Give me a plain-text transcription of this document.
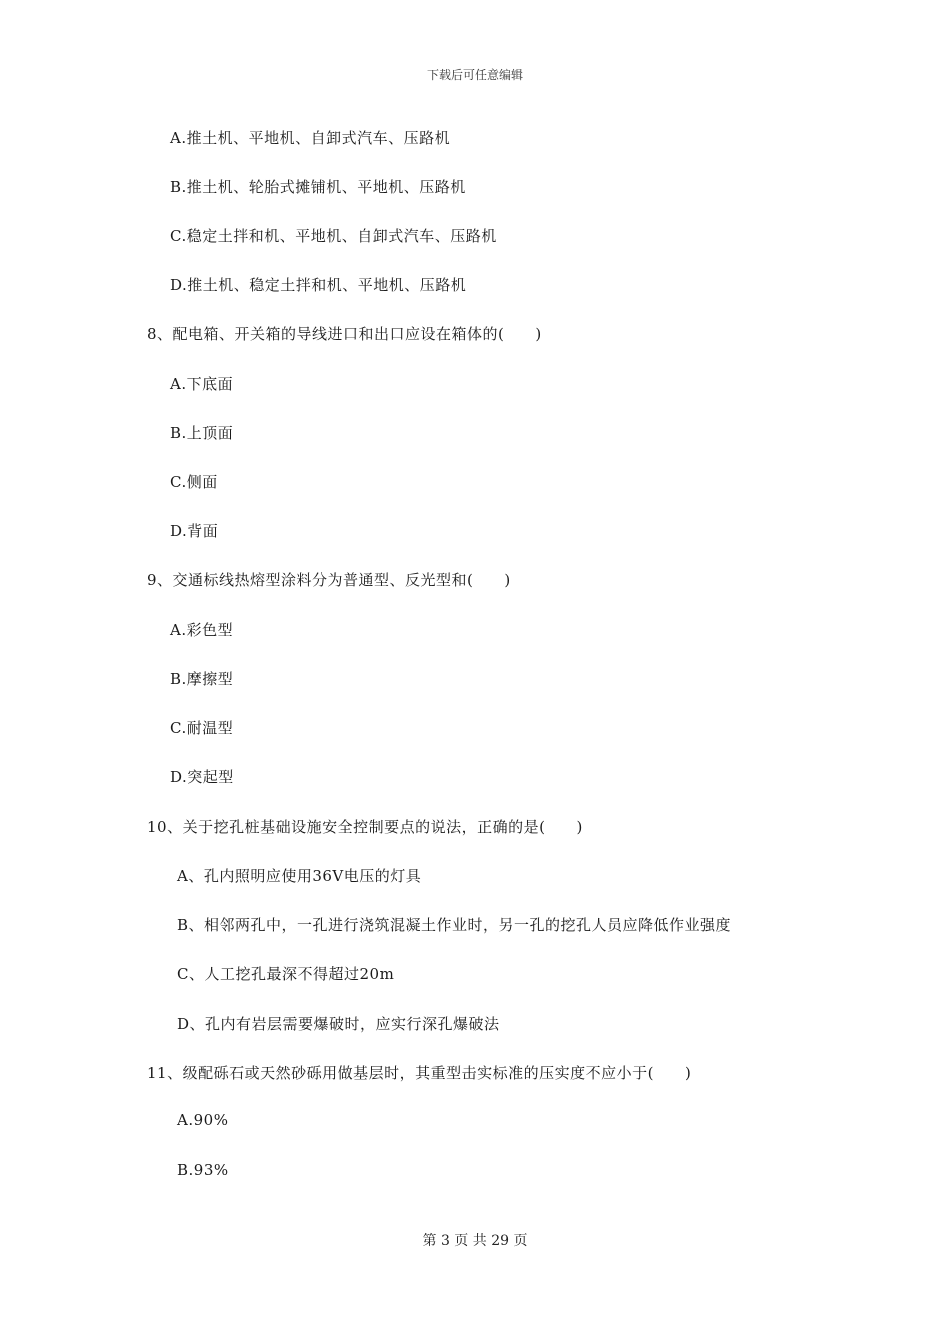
下载后可任意编辑
A.推土机、平地机、自卸式汽车、压路机
B.推土机、轮胎式摊铺机、平地机、压路机
C.稳定土拌和机、平地机、自卸式汽车、压路机
D.推土机、稳定土拌和机、平地机、压路机
8、配电箱、开关箱的导线进口和出口应设在箱体的(　　)
A.下底面
B.上顶面
C.侧面
D.背面
9、交通标线热熔型涂料分为普通型、反光型和(　　)
A.彩色型
B.摩擦型
C.耐温型
D.突起型
10、关于挖孔桩基础设施安全控制要点的说法，正确的是(　　)
A、孔内照明应使用36V电压的灯具
B、相邻两孔中，一孔进行浇筑混凝土作业时，另一孔的挖孔人员应降低作业强度
C、人工挖孔最深不得超过20m
D、孔内有岩层需要爆破时，应实行深孔爆破法
11、级配砾石或天然砂砾用做基层时，其重型击实标准的压实度不应小于(　　)
A.90%
B.93%
第 3 页 共 29 页
